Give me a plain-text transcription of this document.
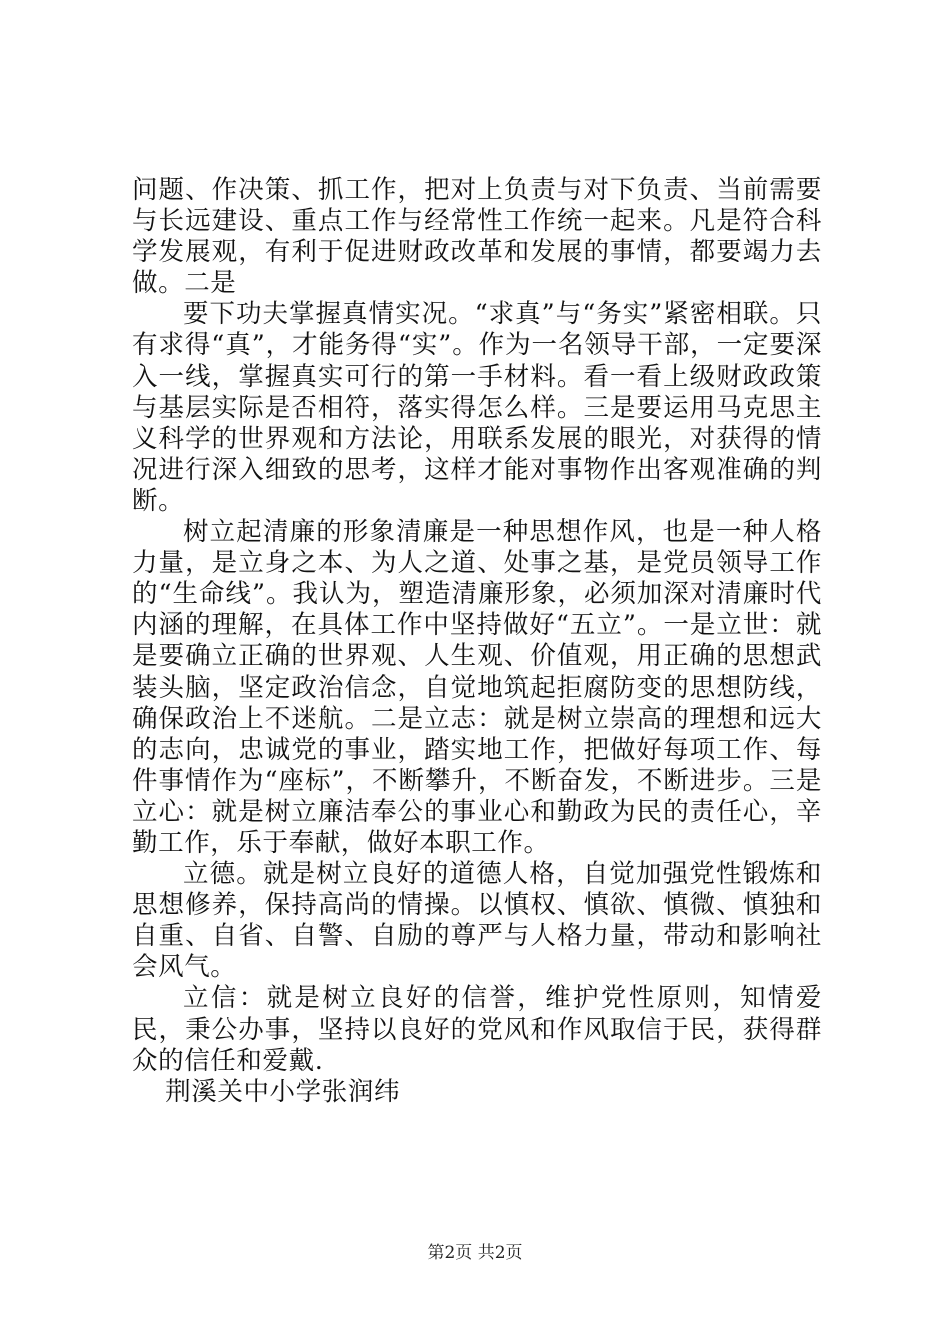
问题、作决策、抓工作，把对上负责与对下负责、当前需要与长远建设、重点工作与经常性工作统一起来。凡是符合科学发展观，有利于促进财政改革和发展的事情，都要竭力去做。二是

要下功夫掌握真情实况。“求真”与“务实”紧密相联。只有求得“真”，才能务得“实”。作为一名领导干部，一定要深入一线，掌握真实可行的第一手材料。看一看上级财政政策与基层实际是否相符，落实得怎么样。三是要运用马克思主义科学的世界观和方法论，用联系发展的眼光，对获得的情况进行深入细致的思考，这样才能对事物作出客观准确的判断。

树立起清廉的形象清廉是一种思想作风，也是一种人格力量，是立身之本、为人之道、处事之基，是党员领导工作的“生命线”。我认为，塑造清廉形象，必须加深对清廉时代内涵的理解，在具体工作中坚持做好“五立”。一是立世：就是要确立正确的世界观、人生观、价值观，用正确的思想武装头脑，坚定政治信念，自觉地筑起拒腐防变的思想防线，确保政治上不迷航。二是立志：就是树立崇高的理想和远大的志向，忠诚党的事业，踏实地工作，把做好每项工作、每件事情作为“座标”，不断攀升，不断奋发，不断进步。三是立心：就是树立廉洁奉公的事业心和勤政为民的责任心，辛勤工作，乐于奉献，做好本职工作。

立德。就是树立良好的道德人格，自觉加强党性锻炼和思想修养，保持高尚的情操。以慎权、慎欲、慎微、慎独和自重、自省、自警、自励的尊严与人格力量，带动和影响社会风气。

立信：就是树立良好的信誉，维护党性原则，知情爱民，秉公办事，坚持以良好的党风和作风取信于民，获得群众的信任和爱戴.

荆溪关中小学张润纬

第2页 共2页
